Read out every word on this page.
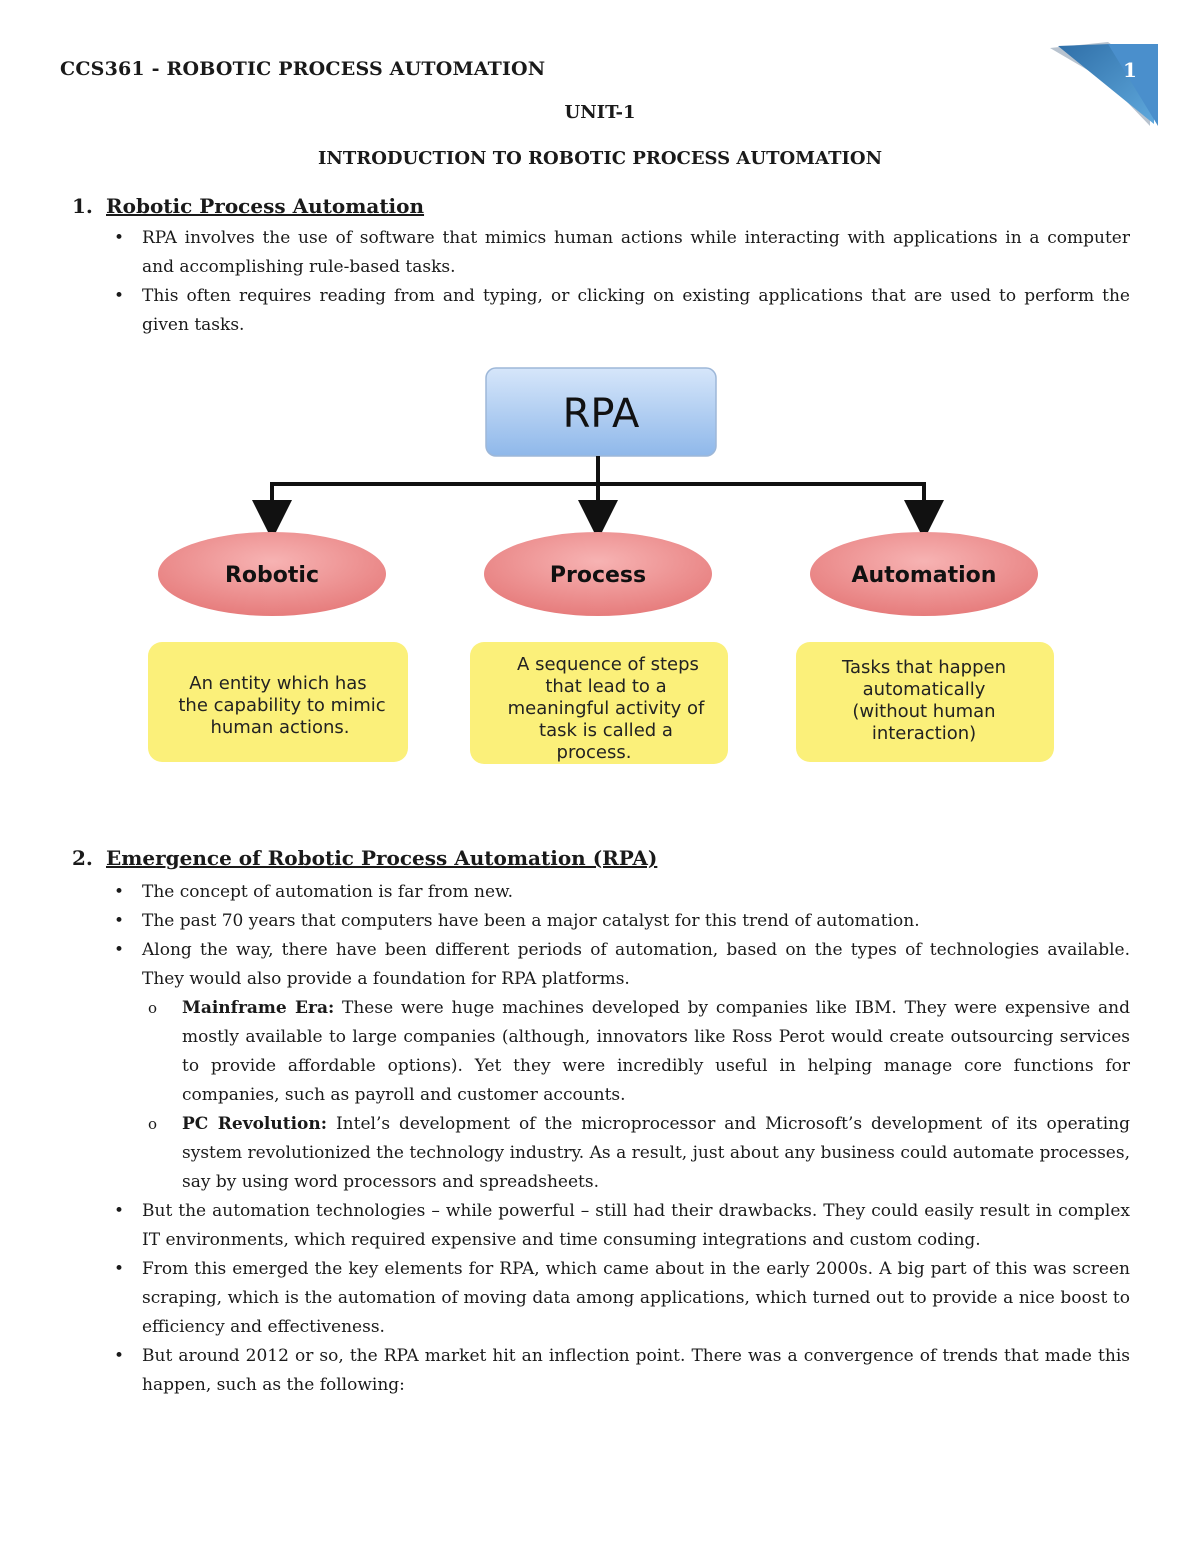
CCS361 - ROBOTIC PROCESS AUTOMATION	1
UNIT-1
INTRODUCTION TO ROBOTIC PROCESS AUTOMATION
1. Robotic Process Automation
• RPA involves the use of software that mimics human actions while interacting with applications in a computer and accomplishing rule-based tasks.
• This often requires reading from and typing, or clicking on existing applications that are used to perform the given tasks.
RPA
Robotic
An entity which has
the capability to mimic
human actions.
Process
A sequence of steps
that lead to a
meaningful activity of
task is called a
process.
Automation
Tasks that happen
automatically
(without human
interaction)
2. Emergence of Robotic Process Automation (RPA)
• The concept of automation is far from new.
• The past 70 years that computers have been a major catalyst for this trend of automation.
• Along the way, there have been different periods of automation, based on the types of technologies available. They would also provide a foundation for RPA platforms.
o Mainframe Era: These were huge machines developed by companies like IBM. They were expensive and mostly available to large companies (although, innovators like Ross Perot would create outsourcing services to provide affordable options). Yet they were incredibly useful in helping manage core functions for companies, such as payroll and customer accounts.
o PC Revolution: Intel’s development of the microprocessor and Microsoft’s development of its operating system revolutionized the technology industry. As a result, just about any business could automate processes, say by using word processors and spreadsheets.
• But the automation technologies – while powerful – still had their drawbacks. They could easily result in complex IT environments, which required expensive and time consuming integrations and custom coding.
• From this emerged the key elements for RPA, which came about in the early 2000s. A big part of this was screen scraping, which is the automation of moving data among applications, which turned out to provide a nice boost to efficiency and effectiveness.
• But around 2012 or so, the RPA market hit an inflection point. There was a convergence of trends that made this happen, such as the following:
